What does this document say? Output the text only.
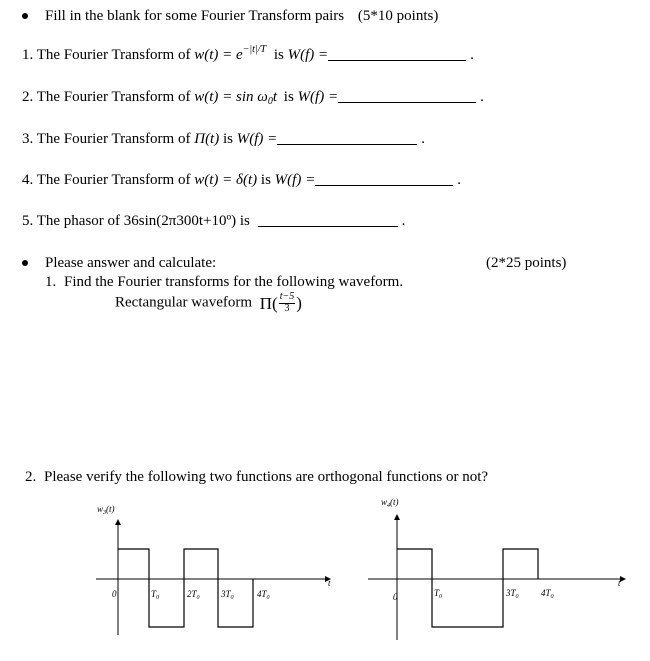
Fill in the blank for some Fourier Transform pairs (5*10 points)
1. The Fourier Transform of $w(t) = e^{-|t|/T}$ is W(f) =	.
2. The Fourier Transform of $w(t) = \sin \omega_0t$ is W(f) =	.
3. The Fourier Transform of Π(t) is W(f) =	.
4. The Fourier Transform of w(t) = δ(t) is W(f) =	.
5. The phasor of 36sin(2π300t+10º) is	.
Please answer and calculate:	(2*25 points)
1. Find the Fourier transforms for the following waveform.
Rectangular waveform $\Pi( \frac{t-5}{3}$ )
2. Please verify the following two functions are orthogonal functions or not?
$w_3(t)$
t
0	$T_0$	$2T_0$ $3T_0$	$4T_0$
$w_4(t)$
t
0	$T_0$	$3T_0$ $4T_0$
